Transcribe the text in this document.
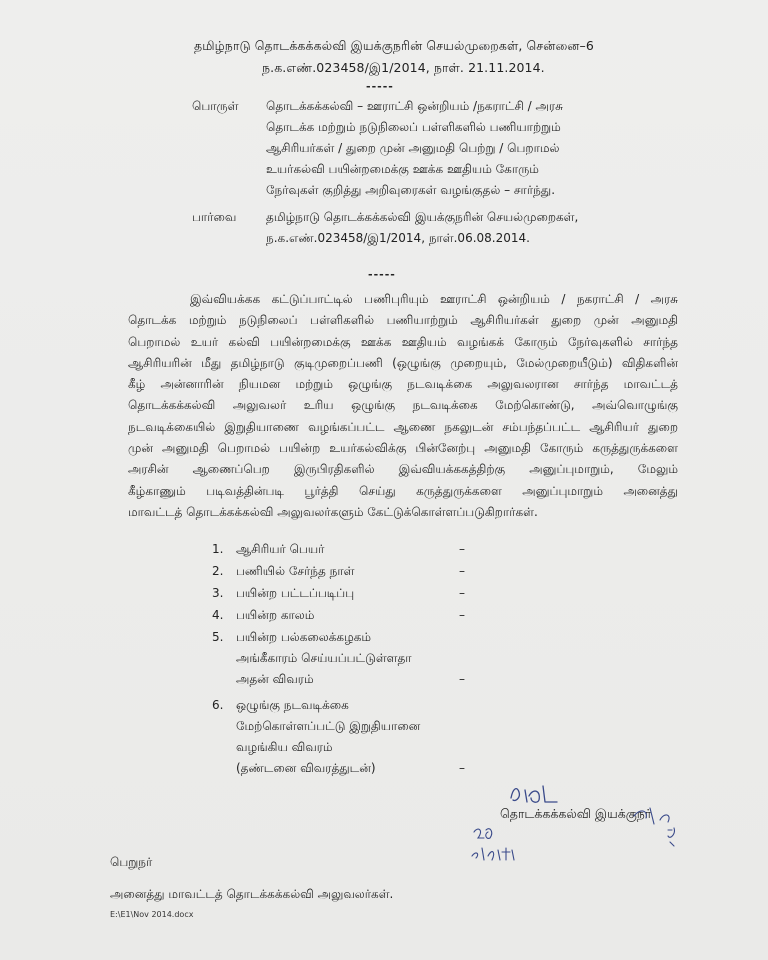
தமிழ்நாடு தொடக்கக்கல்வி இயக்குநரின் செயல்முறைகள், சென்னை–6
ந.க.எண்.023458/இ1/2014, நாள். 21.11.2014.
-----
பொருள் தொடக்கக்கல்வி – ஊராட்சி ஒன்றியம் /நகராட்சி / அரசு
தொடக்க மற்றும் நடுநிலைப் பள்ளிகளில் பணியாற்றும்
ஆசிரியர்கள் / துறை முன் அனுமதி பெற்று / பெறாமல்
உயர்கல்வி பயின்றமைக்கு ஊக்க ஊதியம் கோரும்
நேர்வுகள் குறித்து அறிவுரைகள் வழங்குதல் – சார்ந்து.
பார்வை தமிழ்நாடு தொடக்கக்கல்வி இயக்குநரின் செயல்முறைகள்,
ந.க.எண்.023458/இ1/2014, நாள்.06.08.2014.
-----
இவ்வியக்கக கட்டுப்பாட்டில் பணிபுரியும் ஊராட்சி ஒன்றியம் / நகராட்சி / அரசு
தொடக்க மற்றும் நடுநிலைப் பள்ளிகளில் பணியாற்றும் ஆசிரியர்கள் துறை முன் அனுமதி
பெறாமல் உயர் கல்வி பயின்றமைக்கு ஊக்க ஊதியம் வழங்கக் கோரும் நேர்வுகளில் சார்ந்த
ஆசிரியரின் மீது தமிழ்நாடு குடிமுறைப்பணி (ஒழுங்கு முறையும், மேல்முறையீடும்) விதிகளின்
கீழ் அன்னாரின் நியமன மற்றும் ஒழுங்கு நடவடிக்கை அலுவலரான சார்ந்த மாவட்டத்
தொடக்கக்கல்வி அலுவலர் உரிய ஒழுங்கு நடவடிக்கை மேற்கொண்டு, அவ்வொழுங்கு
நடவடிக்கையில் இறுதியாணை வழங்கப்பட்ட ஆணை நகலுடன் சம்பந்தப்பட்ட ஆசிரியர் துறை
முன் அனுமதி பெறாமல் பயின்ற உயர்கல்விக்கு பின்னேற்பு அனுமதி கோரும் கருத்துருக்களை
அரசின் ஆணைப்பெற இருபிரதிகளில் இவ்வியக்ககத்திற்கு அனுப்புமாறும், மேலும்
கீழ்காணும் படிவத்தின்படி பூர்த்தி செய்து கருத்துருக்களை அனுப்புமாறும் அனைத்து
மாவட்டத் தொடக்கக்கல்வி அலுவலர்களும் கேட்டுக்கொள்ளப்படுகிறார்கள்.
1. ஆசிரியர் பெயர்	–
2. பணியில் சேர்ந்த நாள்	–
3. பயின்ற பட்டப்படிப்பு	–
4. பயின்ற காலம்	–
5. பயின்ற பல்கலைக்கழகம்
அங்கீகாரம் செய்யப்பட்டுள்ளதா
அதன் விவரம்	–
6. ஒழுங்கு நடவடிக்கை
மேற்கொள்ளப்பட்டு இறுதியானை
வழங்கிய விவரம்
(தண்டனை விவரத்துடன்)	–
தொடக்கக்கல்வி இயக்குநர்
பெறுநர்
அனைத்து மாவட்டத் தொடக்கக்கல்வி அலுவலர்கள்.
E:\E1\Nov 2014.docx
